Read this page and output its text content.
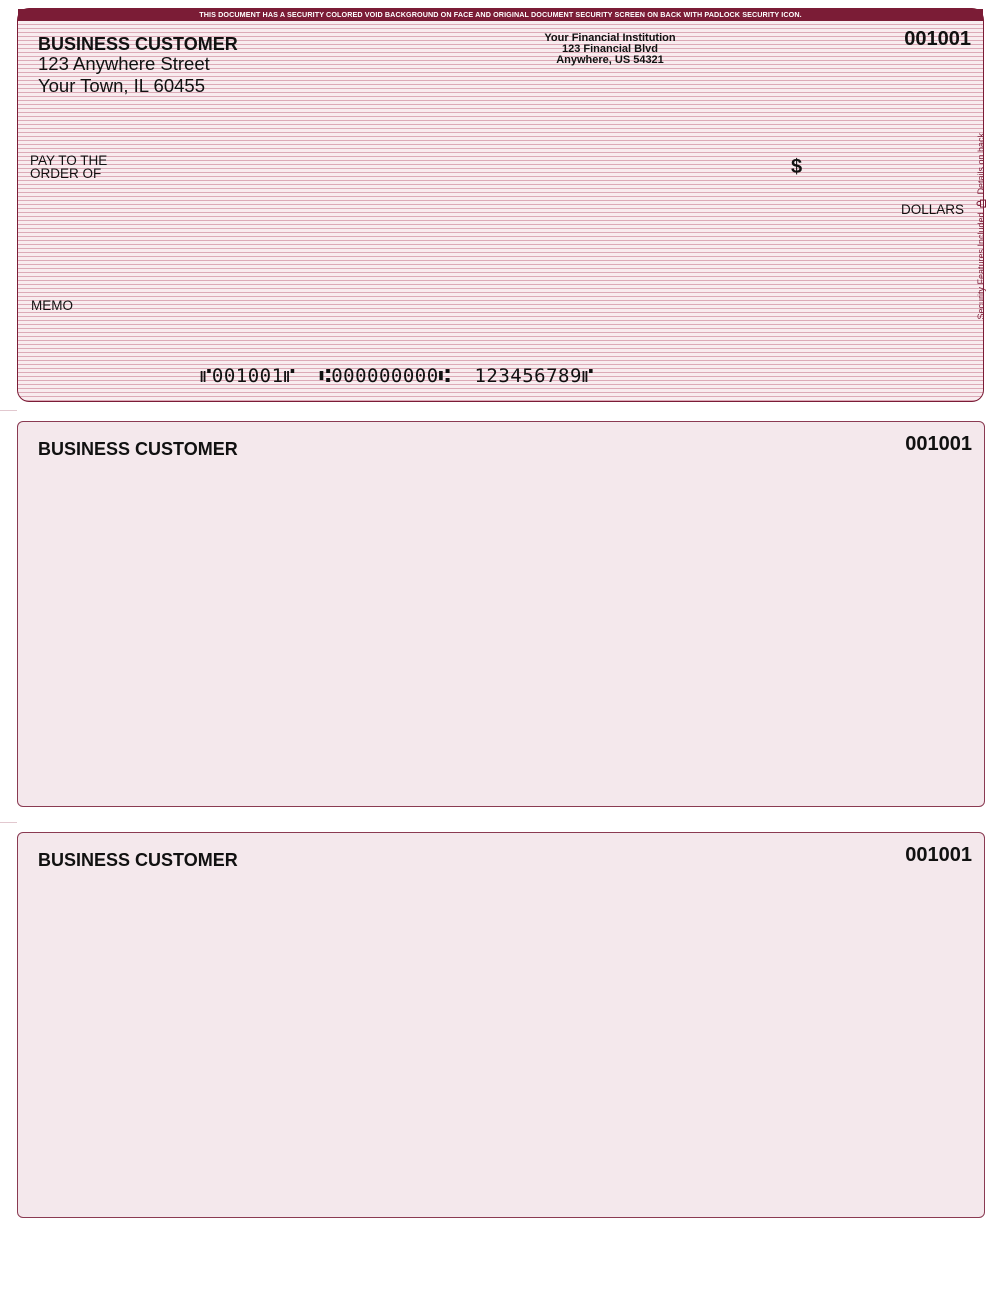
THIS DOCUMENT HAS A SECURITY COLORED VOID BACKGROUND ON FACE AND ORIGINAL DOCUMENT SECURITY SCREEN ON BACK WITH PADLOCK SECURITY ICON.
BUSINESS CUSTOMER
123 Anywhere Street
Your Town, IL 60455
Your Financial Institution
123 Financial Blvd
Anywhere, US 54321
001001
PAY TO THE
ORDER OF	$
DOLLARS
MEMO
⑈001001⑈  ⑆000000000⑆  123456789⑈
Security Features Included
Details on back.
BUSINESS CUSTOMER	001001
BUSINESS CUSTOMER	001001
